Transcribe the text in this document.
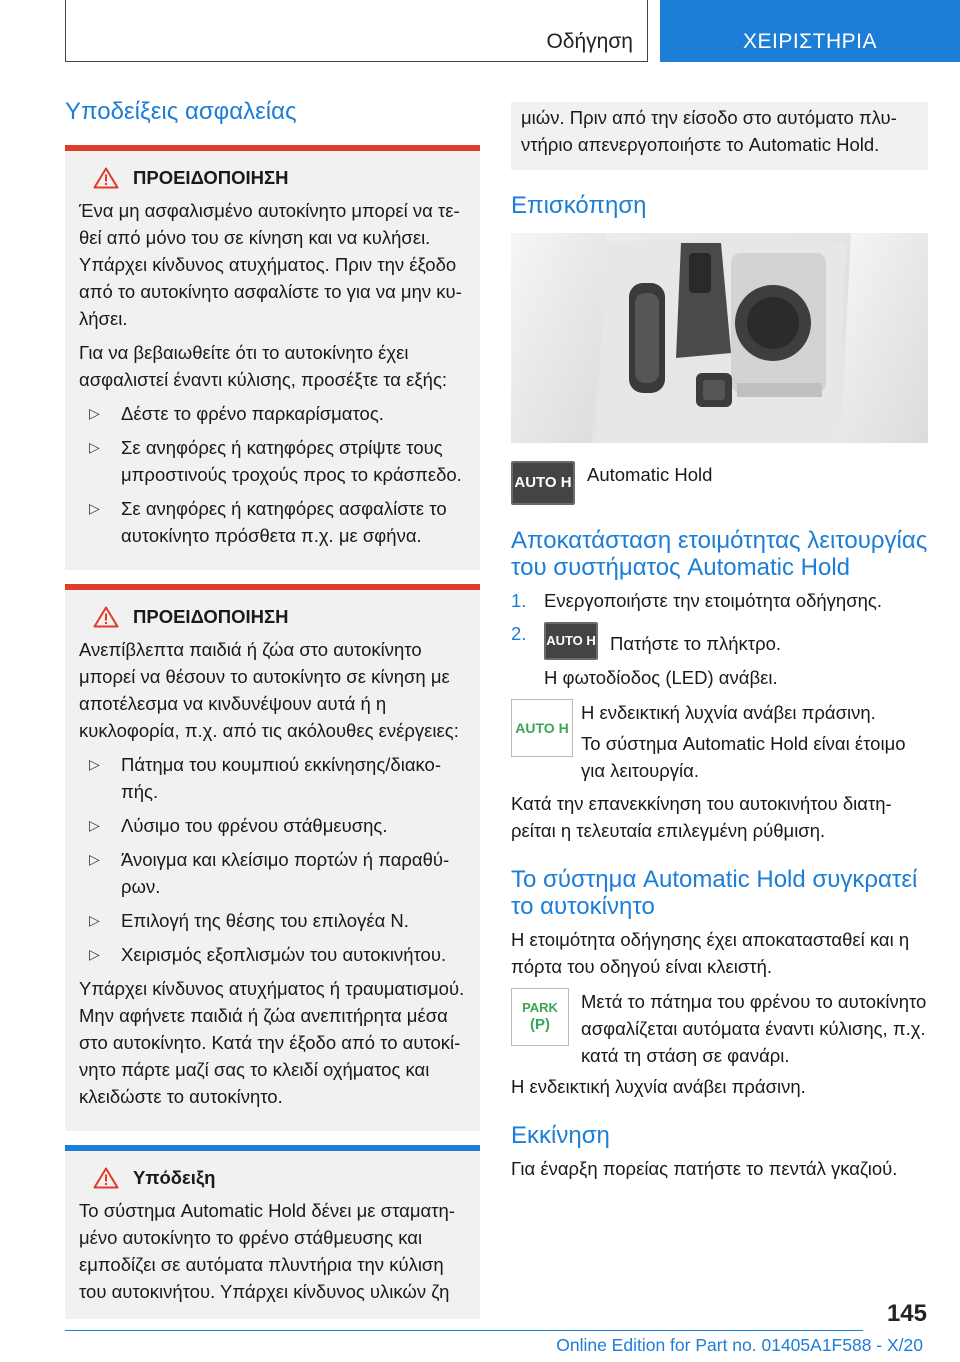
Οδήγηση	ΧΕΙΡΙΣΤΗΡΙΑ
Υποδείξεις ασφαλείας
ΠΡΟΕΙΔΟΠΟΙΗΣΗ

Ένα μη ασφαλισμένο αυτοκίνητο μπορεί να τεθεί από μόνο του σε κίνηση και να κυλήσει. Υπάρχει κίνδυνος ατυχήματος. Πριν την έξοδο από το αυτοκίνητο ασφαλίστε το για να μην κυλήσει.

Για να βεβαιωθείτε ότι το αυτοκίνητο έχει ασφαλιστεί έναντι κύλισης, προσέξτε τα εξής:

▷ Δέστε το φρένο παρκαρίσματος.
▷ Σε ανηφόρες ή κατηφόρες στρίψτε τους μπροστινούς τροχούς προς το κράσπεδο.
▷ Σε ανηφόρες ή κατηφόρες ασφαλίστε το αυτοκίνητο πρόσθετα π.χ. με σφήνα.
ΠΡΟΕΙΔΟΠΟΙΗΣΗ

Ανεπίβλεπτα παιδιά ή ζώα στο αυτοκίνητο μπορεί να θέσουν το αυτοκίνητο σε κίνηση με αποτέλεσμα να κινδυνέψουν αυτά ή η κυκλοφορία, π.χ. από τις ακόλουθες ενέργειες:

▷ Πάτημα του κουμπιού εκκίνησης/διακοπής.
▷ Λύσιμο του φρένου στάθμευσης.
▷ Άνοιγμα και κλείσιμο πορτών ή παραθύρων.
▷ Επιλογή της θέσης του επιλογέα N.
▷ Χειρισμός εξοπλισμών του αυτοκινήτου.

Υπάρχει κίνδυνος ατυχήματος ή τραυματισμού. Μην αφήνετε παιδιά ή ζώα ανεπιτήρητα μέσα στο αυτοκίνητο. Κατά την έξοδο από το αυτοκίνητο πάρτε μαζί σας το κλειδί οχήματος και κλειδώστε το αυτοκίνητο.

Υπόδειξη

Το σύστημα Automatic Hold δένει με σταματημένο αυτοκίνητο το φρένο στάθμευσης και εμποδίζει σε αυτόματα πλυντήρια την κύλιση του αυτοκινήτου. Υπάρχει κίνδυνος υλικών ζη

μιών. Πριν από την είσοδο στο αυτόματο πλυντήριο απενεργοποιήστε το Automatic Hold.

Επισκόπηση
AUTO H Automatic Hold
Αποκατάσταση ετοιμότητας λειτουργίας του συστήματος Automatic Hold
1. Ενεργοποιήστε την ετοιμότητα οδήγησης.
2. AUTO H Πατήστε το πλήκτρο.

Η φωτοδίοδος (LED) ανάβει.

AUTO H

Η ενδεικτική λυχνία ανάβει πράσινη.

Το σύστημα Automatic Hold είναι έτοιμο για λειτουργία.

Κατά την επανεκκίνηση του αυτοκινήτου διατηρείται η τελευταία επιλεγμένη ρύθμιση.

Το σύστημα Automatic Hold συγκρατεί το αυτοκίνητο

Η ετοιμότητα οδήγησης έχει αποκατασταθεί και η πόρτα του οδηγού είναι κλειστή.

PARK
(P)

Μετά το πάτημα του φρένου το αυτοκίνητο ασφαλίζεται αυτόματα έναντι κύλισης, π.χ. κατά τη στάση σε φανάρι.

Η ενδεικτική λυχνία ανάβει πράσινη.

Εκκίνηση

Για έναρξη πορείας πατήστε το πεντάλ γκαζιού.

145
Online Edition for Part no. 01405A1F588 - X/20
